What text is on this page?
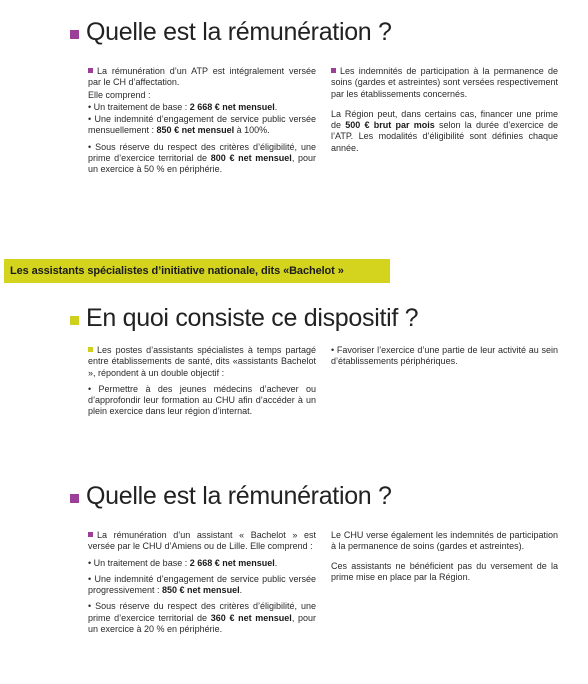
Quelle est la rémunération ?

La rémunération d’un ATP est intégralement versée par le CH d’affectation.

Elle comprend :

• Un traitement de base : 2 668 € net mensuel.

• Une indemnité d’engagement de service public versée mensuellement : 850 € net mensuel à 100%.

• Sous réserve du respect des critères d’éligibilité, une prime d’exercice territorial de 800 € net mensuel, pour un exercice à 50 % en périphérie.

Les indemnités de participation à la permanence de soins (gardes et astreintes) sont versées respectivement par les établissements concernés.

La Région peut, dans certains cas, financer une prime de 500 € brut par mois selon la durée d’exercice de l’ATP. Les modalités d’éligibilité sont définies chaque année.

Les assistants spécialistes d’initiative nationale, dits «Bachelot »
En quoi consiste ce dispositif ?

Les postes d’assistants spécialistes à temps partagé entre établissements de santé, dits «assistants Bachelot », répondent à un double objectif :

• Permettre à des jeunes médecins d’achever ou d’approfondir leur formation au CHU afin d’accéder à un plein exercice dans leur région d’internat.

• Favoriser l’exercice d’une partie de leur activité au sein d’établissements périphériques.

Quelle est la rémunération ?

La rémunération d’un assistant « Bachelot » est versée par le CHU d’Amiens ou de Lille. Elle comprend :

• Un traitement de base : 2 668 € net mensuel.

• Une indemnité d’engagement de service public versée progressivement : 850 € net mensuel.

• Sous réserve du respect des critères d’éligibilité, une prime d’exercice territorial de 360 € net mensuel, pour un exercice à 20 % en périphérie.

Le CHU verse également les indemnités de participation à la permanence de soins (gardes et astreintes).

Ces assistants ne bénéficient pas du versement de la prime mise en place par la Région.
